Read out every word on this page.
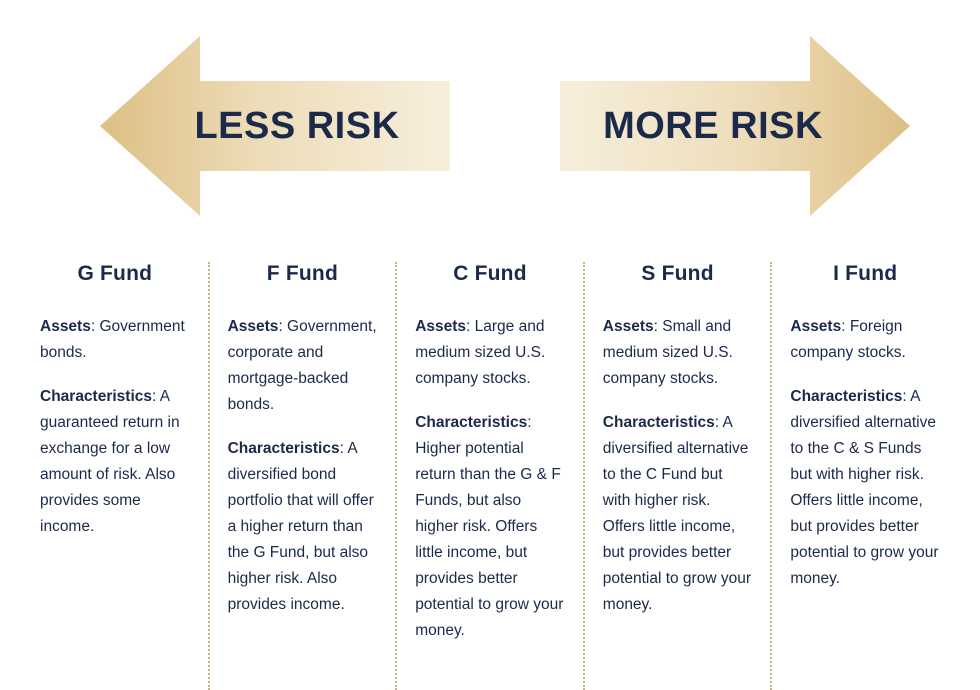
LESS RISK	MORE RISK
G Fund

Assets: Government bonds.

Characteristics: A guaranteed return in exchange for a low amount of risk. Also provides some income.

F Fund

Assets: Government, corporate and mortgage-backed bonds.

Characteristics: A diversified bond portfolio that will offer a higher return than the G Fund, but also higher risk. Also provides income.

C Fund

Assets: Large and medium sized U.S. company stocks.

Characteristics: Higher potential return than the G & F Funds, but also higher risk. Offers little income, but provides better potential to grow your money.

S Fund

Assets: Small and medium sized U.S. company stocks.

Characteristics: A diversified alternative to the C Fund but with higher risk. Offers little income, but provides better potential to grow your money.

I Fund

Assets: Foreign company stocks.

Characteristics: A diversified alternative to the C & S Funds but with higher risk. Offers little income, but provides better potential to grow your money.
